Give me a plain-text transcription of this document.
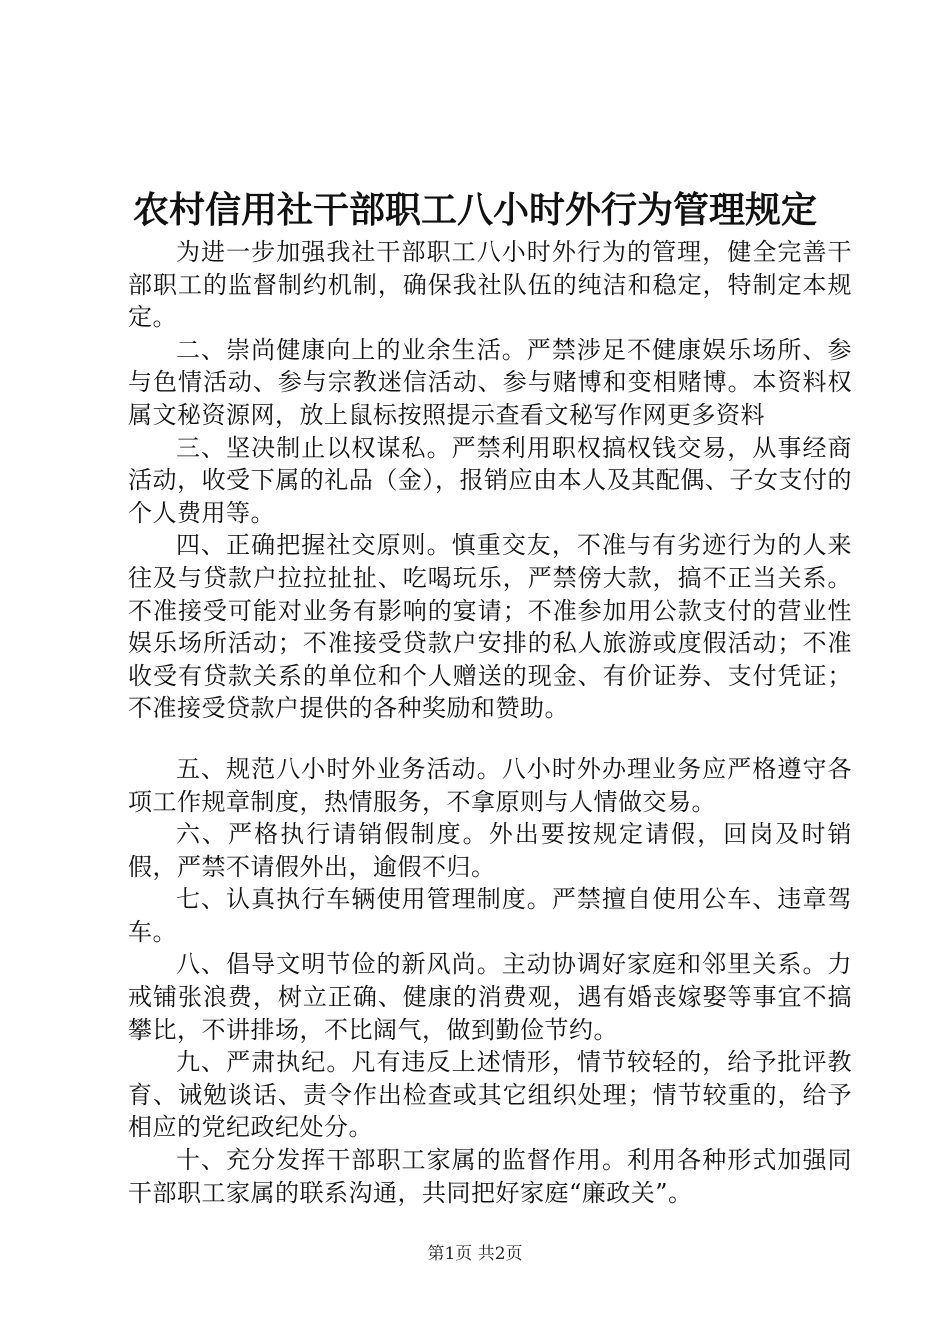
农村信用社干部职工八小时外行为管理规定

为进一步加强我社干部职工八小时外行为的管理，健全完善干部职工的监督制约机制，确保我社队伍的纯洁和稳定，特制定本规定。

二、崇尚健康向上的业余生活。严禁涉足不健康娱乐场所、参与色情活动、参与宗教迷信活动、参与赌博和变相赌博。本资料权属文秘资源网，放上鼠标按照提示查看文秘写作网更多资料

三、坚决制止以权谋私。严禁利用职权搞权钱交易，从事经商活动，收受下属的礼品（金），报销应由本人及其配偶、子女支付的个人费用等。

四、正确把握社交原则。慎重交友，不准与有劣迹行为的人来往及与贷款户拉拉扯扯、吃喝玩乐，严禁傍大款，搞不正当关系。不准接受可能对业务有影响的宴请；不准参加用公款支付的营业性娱乐场所活动；不准接受贷款户安排的私人旅游或度假活动；不准收受有贷款关系的单位和个人赠送的现金、有价证券、支付凭证；不准接受贷款户提供的各种奖励和赞助。

五、规范八小时外业务活动。八小时外办理业务应严格遵守各项工作规章制度，热情服务，不拿原则与人情做交易。

六、严格执行请销假制度。外出要按规定请假，回岗及时销假，严禁不请假外出，逾假不归。

七、认真执行车辆使用管理制度。严禁擅自使用公车、违章驾车。

八、倡导文明节俭的新风尚。主动协调好家庭和邻里关系。力戒铺张浪费，树立正确、健康的消费观，遇有婚丧嫁娶等事宜不搞攀比，不讲排场，不比阔气，做到勤俭节约。

九、严肃执纪。凡有违反上述情形，情节较轻的，给予批评教育、诫勉谈话、责令作出检查或其它组织处理；情节较重的，给予相应的党纪政纪处分。

十、充分发挥干部职工家属的监督作用。利用各种形式加强同干部职工家属的联系沟通，共同把好家庭“廉政关”。

第1页 共2页
